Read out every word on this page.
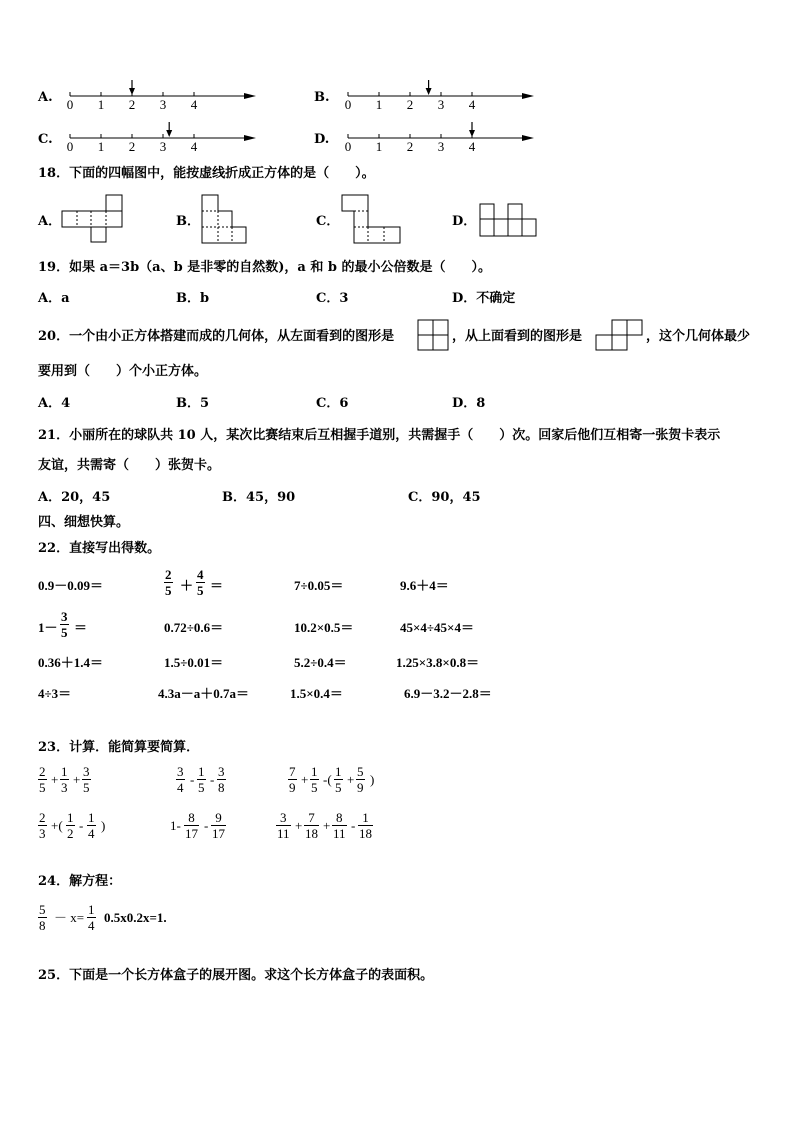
A. 0 1 2 3 4	B. 0 1 2 3 4
C. 0 1 2 3 4	D. 0 1 2 3 4
18．下面的四幅图中，能按虚线折成正方体的是（　　）。
A．	B．	C．	D．
19．如果 a＝3b（a、b 是非零的自然数)，a 和 b 的最小公倍数是（　　）。
A．a	B．b	C．3	D．不确定
20．一个由小正方体搭建而成的几何体，从左面看到的图形是	，从上面看到的图形是	，这个几何体最少
要用到（　　）个小正方体。
A．4	B．5	C．6	D．8
21．小丽所在的球队共 10 人，某次比赛结束后互相握手道别，共需握手（　　）次。回家后他们互相寄一张贺卡表示
友谊，共需寄（　　）张贺卡。
A．20，45	B．45，90	C．90，45
四、细想快算。
22．直接写出得数。
0.9－0.09＝	$\frac{2}{5} + \frac{4}{5}$ ＝	7÷0.05＝	9.6＋4＝
$1- \frac{3}{5}$ ＝	0.72÷0.6＝	10.2×0.5＝	45×4÷45×4＝
0.36＋1.4＝	1.5÷0.01＝	5.2÷0.4＝	1.25×3.8×0.8＝
4÷3＝	4.3a－a＋0.7a＝	1.5×0.4＝	6.9－3.2－2.8＝
23．计算．能简算要简算．
$\frac{2}{5} + \frac{1}{3} + \frac{3}{5}$	$\frac{3}{4} - \frac{1}{5} - \frac{3}{8}$	$\frac{7}{9} + \frac{1}{5}$ -( $\frac{1}{5} + \frac{5}{9}$ )
$\frac{2}{3}$ +( $\frac{1}{2} - \frac{1}{4}$ )	$1- \frac{8}{17} - \frac{9}{17}$	$\frac{3}{11} + \frac{7}{18} + \frac{8}{11} - \frac{1}{18}$
24．解方程：
$\frac{5}{8} - x= \frac{1}{4} 0.5x0.2x=1$.
25．下面是一个长方体盒子的展开图。求这个长方体盒子的表面积。
